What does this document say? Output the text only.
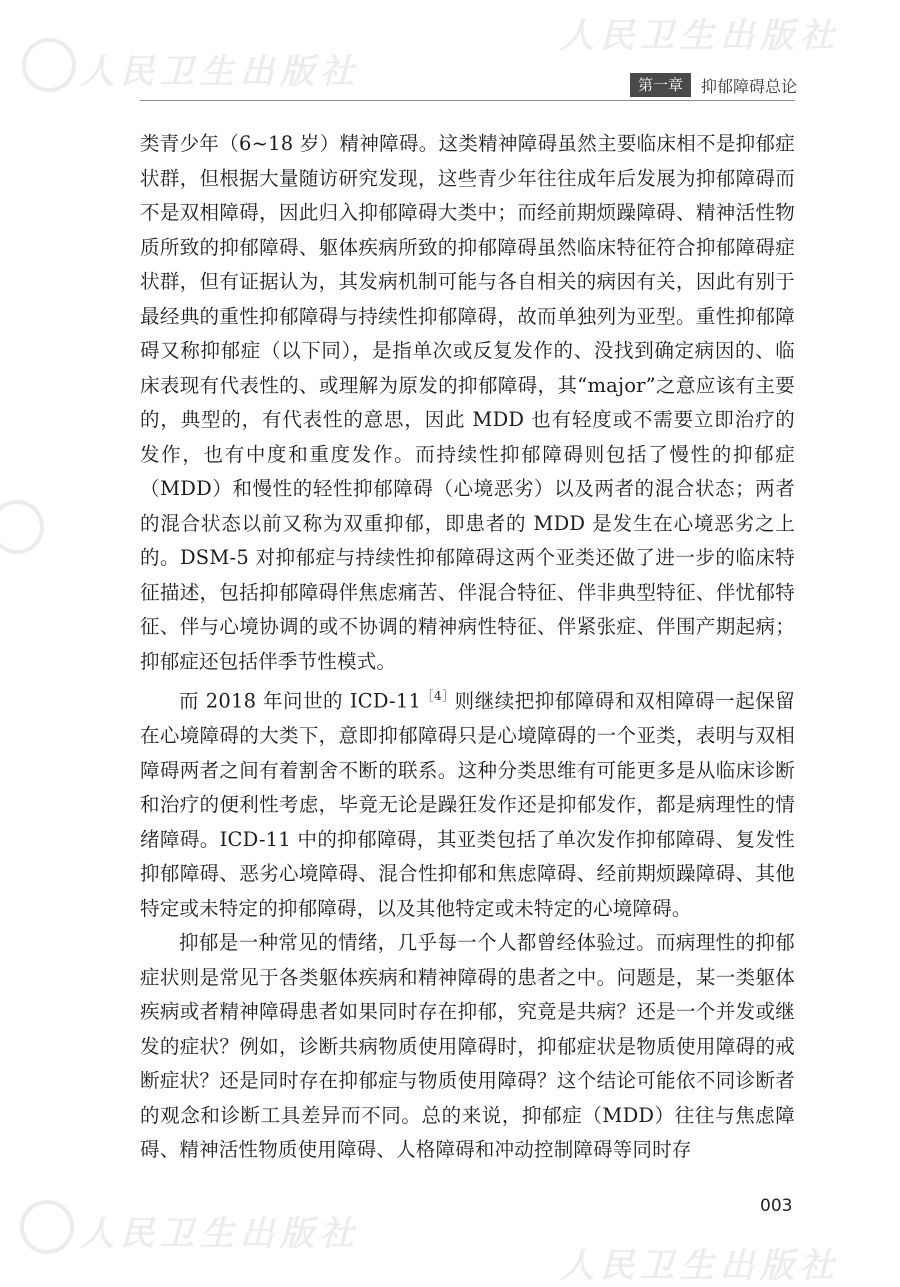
人民卫生出版社
人民卫生出版社
人民卫生出版社
人民卫生出版社
第一章	抑郁障碍总论

类青少年（6~18 岁）精神障碍。这类精神障碍虽然主要临床相不是抑郁症状群，但根据大量随访研究发现，这些青少年往往成年后发展为抑郁障碍而不是双相障碍，因此归入抑郁障碍大类中；而经前期烦躁障碍、精神活性物质所致的抑郁障碍、躯体疾病所致的抑郁障碍虽然临床特征符合抑郁障碍症状群，但有证据认为，其发病机制可能与各自相关的病因有关，因此有别于最经典的重性抑郁障碍与持续性抑郁障碍，故而单独列为亚型。重性抑郁障碍又称抑郁症（以下同），是指单次或反复发作的、没找到确定病因的、临床表现有代表性的、或理解为原发的抑郁障碍，其“major”之意应该有主要的，典型的，有代表性的意思，因此 MDD 也有轻度或不需要立即治疗的发作，也有中度和重度发作。而持续性抑郁障碍则包括了慢性的抑郁症（MDD）和慢性的轻性抑郁障碍（心境恶劣）以及两者的混合状态；两者的混合状态以前又称为双重抑郁，即患者的 MDD 是发生在心境恶劣之上的。DSM-5 对抑郁症与持续性抑郁障碍这两个亚类还做了进一步的临床特征描述，包括抑郁障碍伴焦虑痛苦、伴混合特征、伴非典型特征、伴忧郁特征、伴与心境协调的或不协调的精神病性特征、伴紧张症、伴围产期起病；抑郁症还包括伴季节性模式。

而 2018 年问世的 ICD-$11^{[4]}$则继续把抑郁障碍和双相障碍一起保留在心境障碍的大类下，意即抑郁障碍只是心境障碍的一个亚类，表明与双相障碍两者之间有着割舍不断的联系。这种分类思维有可能更多是从临床诊断和治疗的便利性考虑，毕竟无论是躁狂发作还是抑郁发作，都是病理性的情绪障碍。ICD-11 中的抑郁障碍，其亚类包括了单次发作抑郁障碍、复发性抑郁障碍、恶劣心境障碍、混合性抑郁和焦虑障碍、经前期烦躁障碍、其他特定或未特定的抑郁障碍，以及其他特定或未特定的心境障碍。

抑郁是一种常见的情绪，几乎每一个人都曾经体验过。而病理性的抑郁症状则是常见于各类躯体疾病和精神障碍的患者之中。问题是，某一类躯体疾病或者精神障碍患者如果同时存在抑郁，究竟是共病？还是一个并发或继发的症状？例如，诊断共病物质使用障碍时，抑郁症状是物质使用障碍的戒断症状？还是同时存在抑郁症与物质使用障碍？这个结论可能依不同诊断者的观念和诊断工具差异而不同。总的来说，抑郁症（MDD）往往与焦虑障碍、精神活性物质使用障碍、人格障碍和冲动控制障碍等同时存

003
